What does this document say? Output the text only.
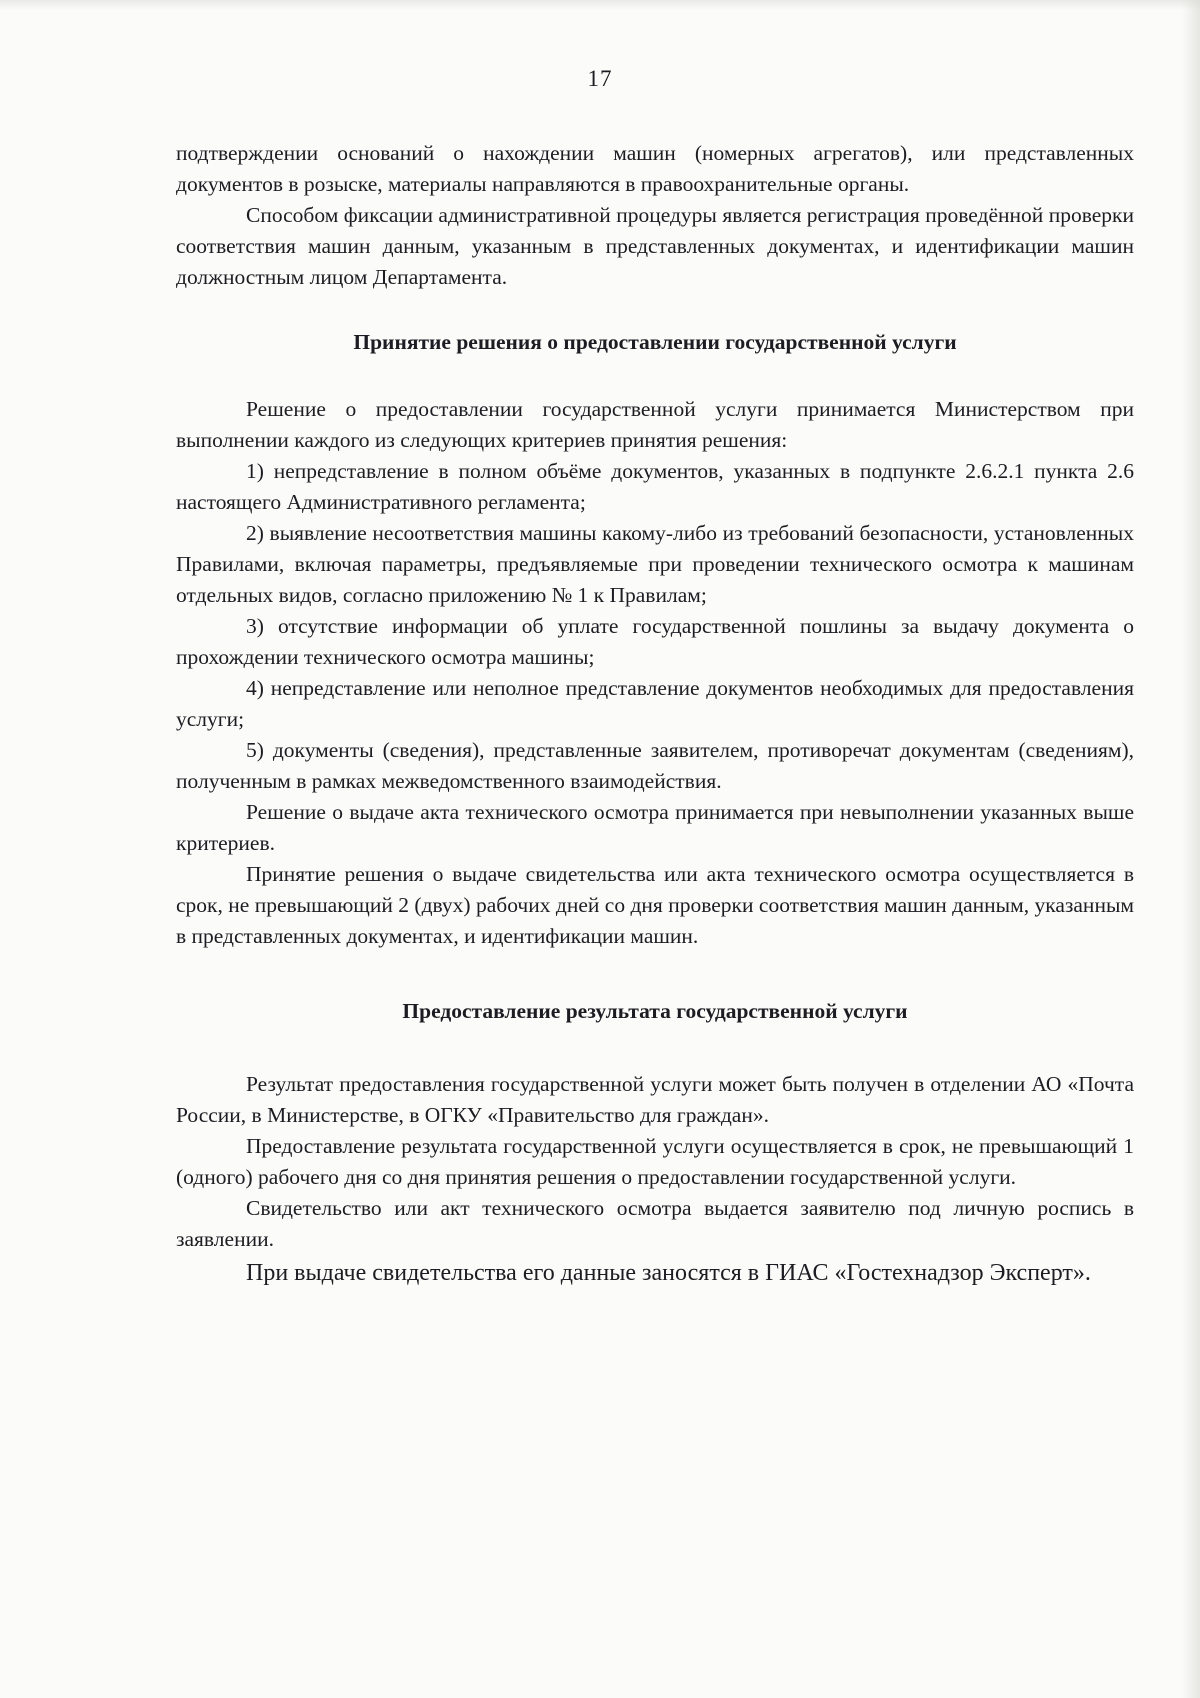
17

подтверждении оснований о нахождении машин (номерных агрегатов), или представленных документов в розыске, материалы направляются в правоохранительные органы.

Способом фиксации административной процедуры является регистрация проведённой проверки соответствия машин данным, указанным в представленных документах, и идентификации машин должностным лицом Департамента.

Принятие решения о предоставлении государственной услуги

Решение о предоставлении государственной услуги принимается Министерством при выполнении каждого из следующих критериев принятия решения:

1) непредставление в полном объёме документов, указанных в подпункте 2.6.2.1 пункта 2.6 настоящего Административного регламента;

2) выявление несоответствия машины какому-либо из требований безопасности, установленных Правилами, включая параметры, предъявляемые при проведении технического осмотра к машинам отдельных видов, согласно приложению № 1 к Правилам;

3) отсутствие информации об уплате государственной пошлины за выдачу документа о прохождении технического осмотра машины;

4) непредставление или неполное представление документов необходимых для предоставления услуги;

5) документы (сведения), представленные заявителем, противоречат документам (сведениям), полученным в рамках межведомственного взаимодействия.

Решение о выдаче акта технического осмотра принимается при невыполнении указанных выше критериев.

Принятие решения о выдаче свидетельства или акта технического осмотра осуществляется в срок, не превышающий 2 (двух) рабочих дней со дня проверки соответствия машин данным, указанным в представленных документах, и идентификации машин.

Предоставление результата государственной услуги

Результат предоставления государственной услуги может быть получен в отделении АО «Почта России, в Министерстве, в ОГКУ «Правительство для граждан».

Предоставление результата государственной услуги осуществляется в срок, не превышающий 1 (одного) рабочего дня со дня принятия решения о предоставлении государственной услуги.

Свидетельство или акт технического осмотра выдается заявителю под личную роспись в заявлении.

При выдаче свидетельства его данные заносятся в ГИАС «Гостехнадзор Эксперт».
